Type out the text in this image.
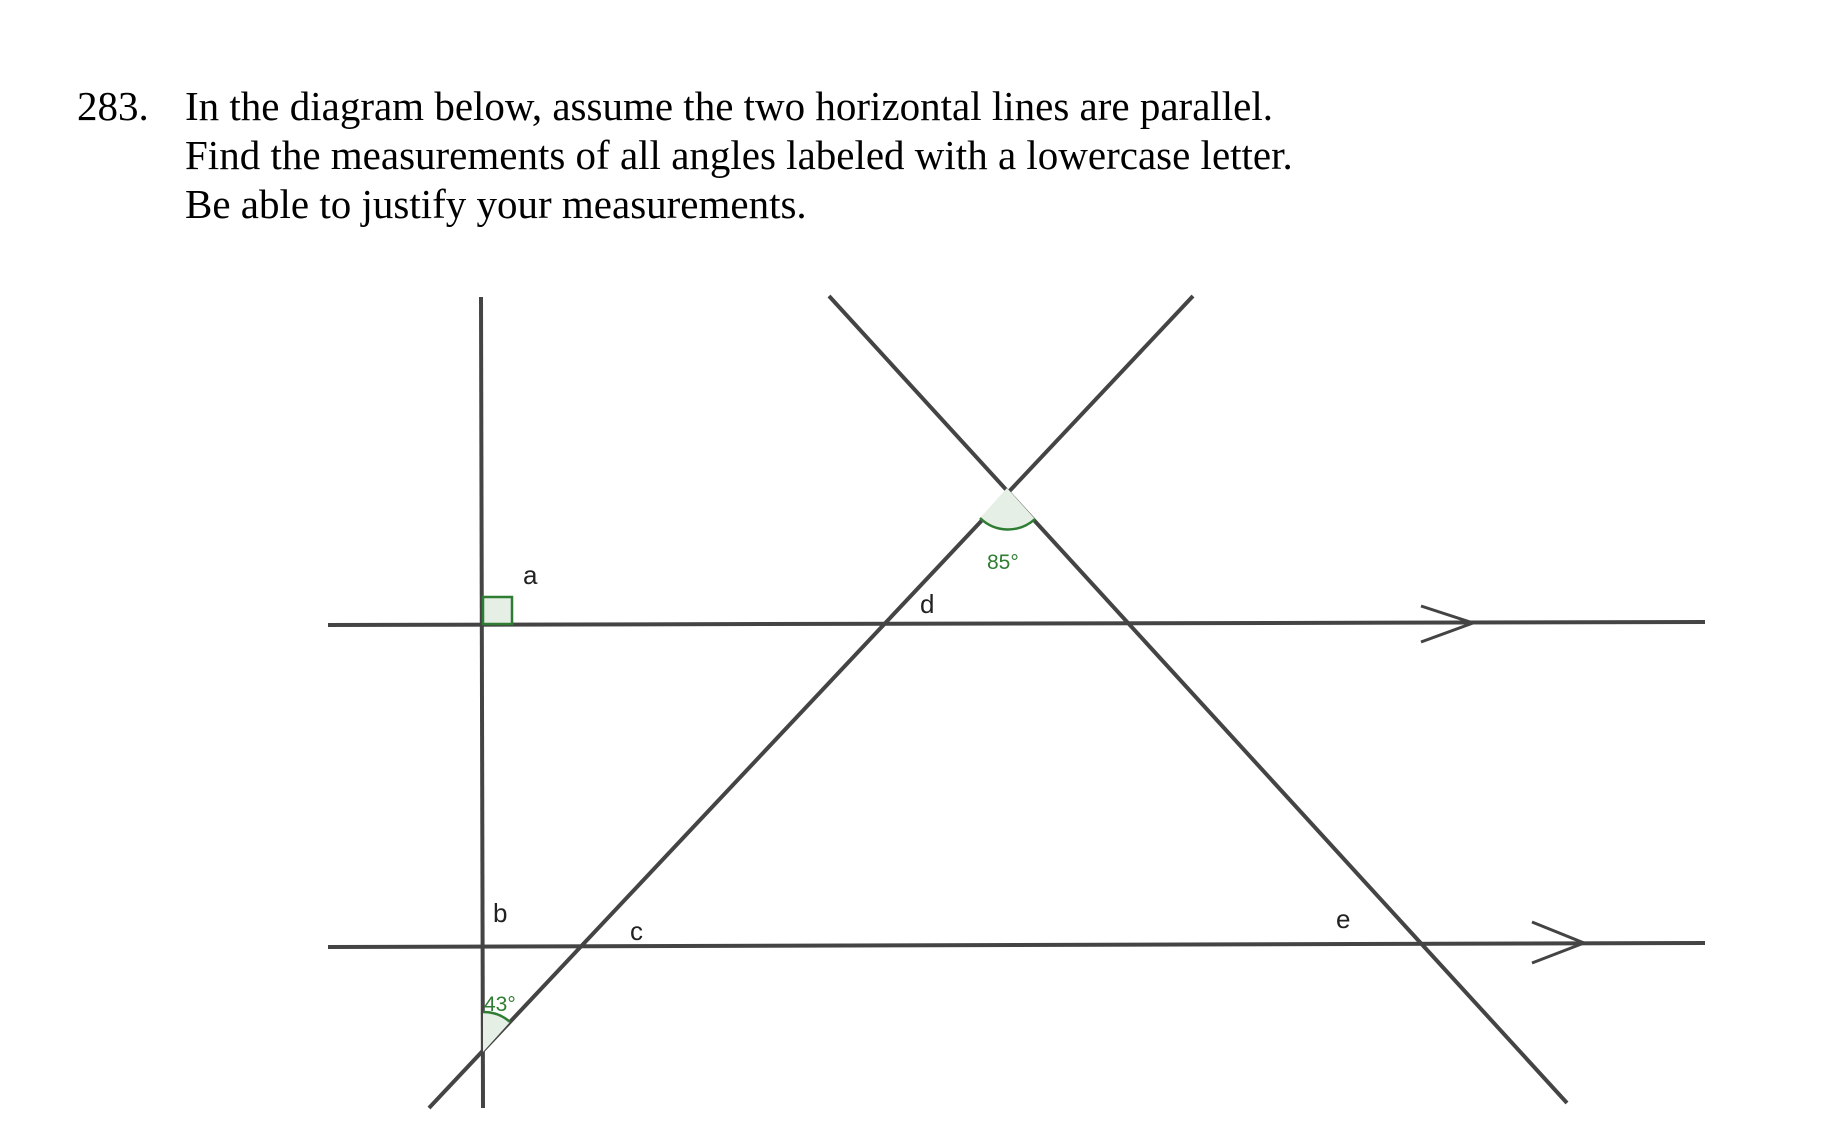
283. In the diagram below, assume the two horizontal lines are parallel.
Find the measurements of all angles labeled with a lowercase letter.
Be able to justify your measurements.
85°
43°
a
b
c
d
e
